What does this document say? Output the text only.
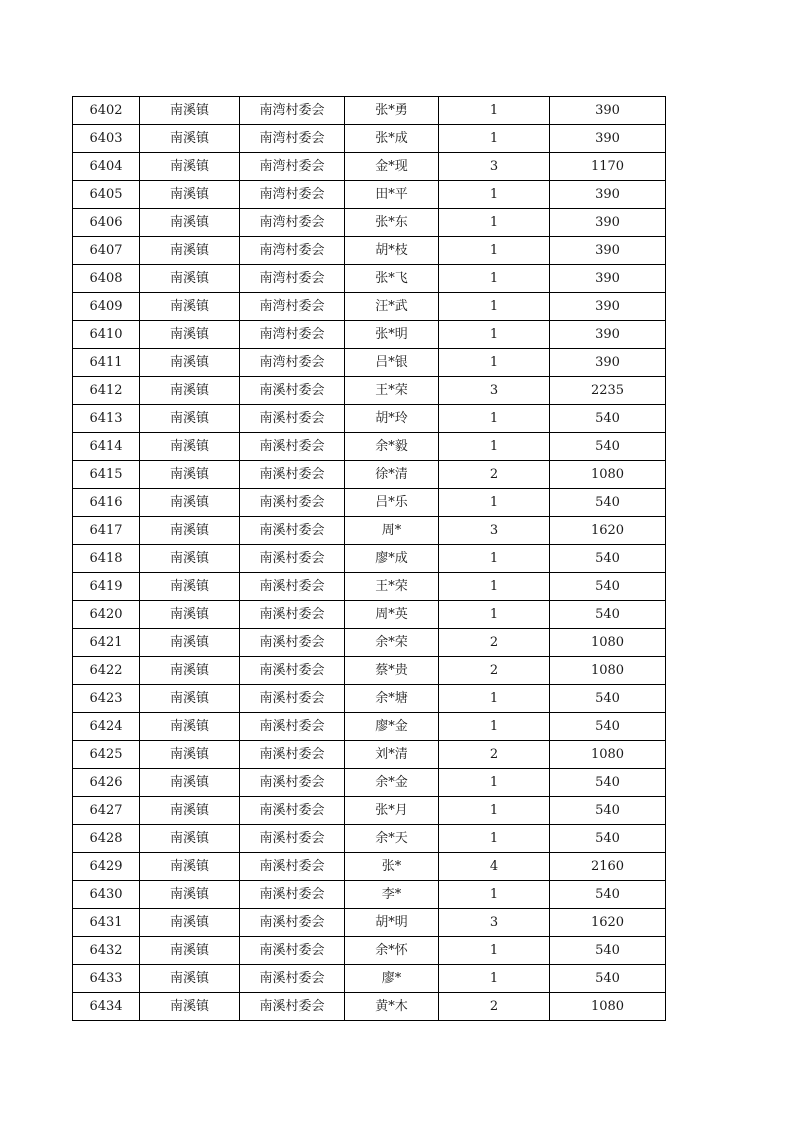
6402	南溪镇	南湾村委会	张*勇	1	390
6403	南溪镇	南湾村委会	张*成	1	390
6404	南溪镇	南湾村委会	金*现	3	1170
6405	南溪镇	南湾村委会	田*平	1	390
6406	南溪镇	南湾村委会	张*东	1	390
6407	南溪镇	南湾村委会	胡*枝	1	390
6408	南溪镇	南湾村委会	张*飞	1	390
6409	南溪镇	南湾村委会	汪*武	1	390
6410	南溪镇	南湾村委会	张*明	1	390
6411	南溪镇	南湾村委会	吕*银	1	390
6412	南溪镇	南溪村委会	王*荣	3	2235
6413	南溪镇	南溪村委会	胡*玲	1	540
6414	南溪镇	南溪村委会	余*毅	1	540
6415	南溪镇	南溪村委会	徐*清	2	1080
6416	南溪镇	南溪村委会	吕*乐	1	540
6417	南溪镇	南溪村委会	周*	3	1620
6418	南溪镇	南溪村委会	廖*成	1	540
6419	南溪镇	南溪村委会	王*荣	1	540
6420	南溪镇	南溪村委会	周*英	1	540
6421	南溪镇	南溪村委会	余*荣	2	1080
6422	南溪镇	南溪村委会	蔡*贵	2	1080
6423	南溪镇	南溪村委会	余*塘	1	540
6424	南溪镇	南溪村委会	廖*金	1	540
6425	南溪镇	南溪村委会	刘*清	2	1080
6426	南溪镇	南溪村委会	余*金	1	540
6427	南溪镇	南溪村委会	张*月	1	540
6428	南溪镇	南溪村委会	余*天	1	540
6429	南溪镇	南溪村委会	张*	4	2160
6430	南溪镇	南溪村委会	李*	1	540
6431	南溪镇	南溪村委会	胡*明	3	1620
6432	南溪镇	南溪村委会	余*怀	1	540
6433	南溪镇	南溪村委会	廖*	1	540
6434	南溪镇	南溪村委会	黄*木	2	1080
